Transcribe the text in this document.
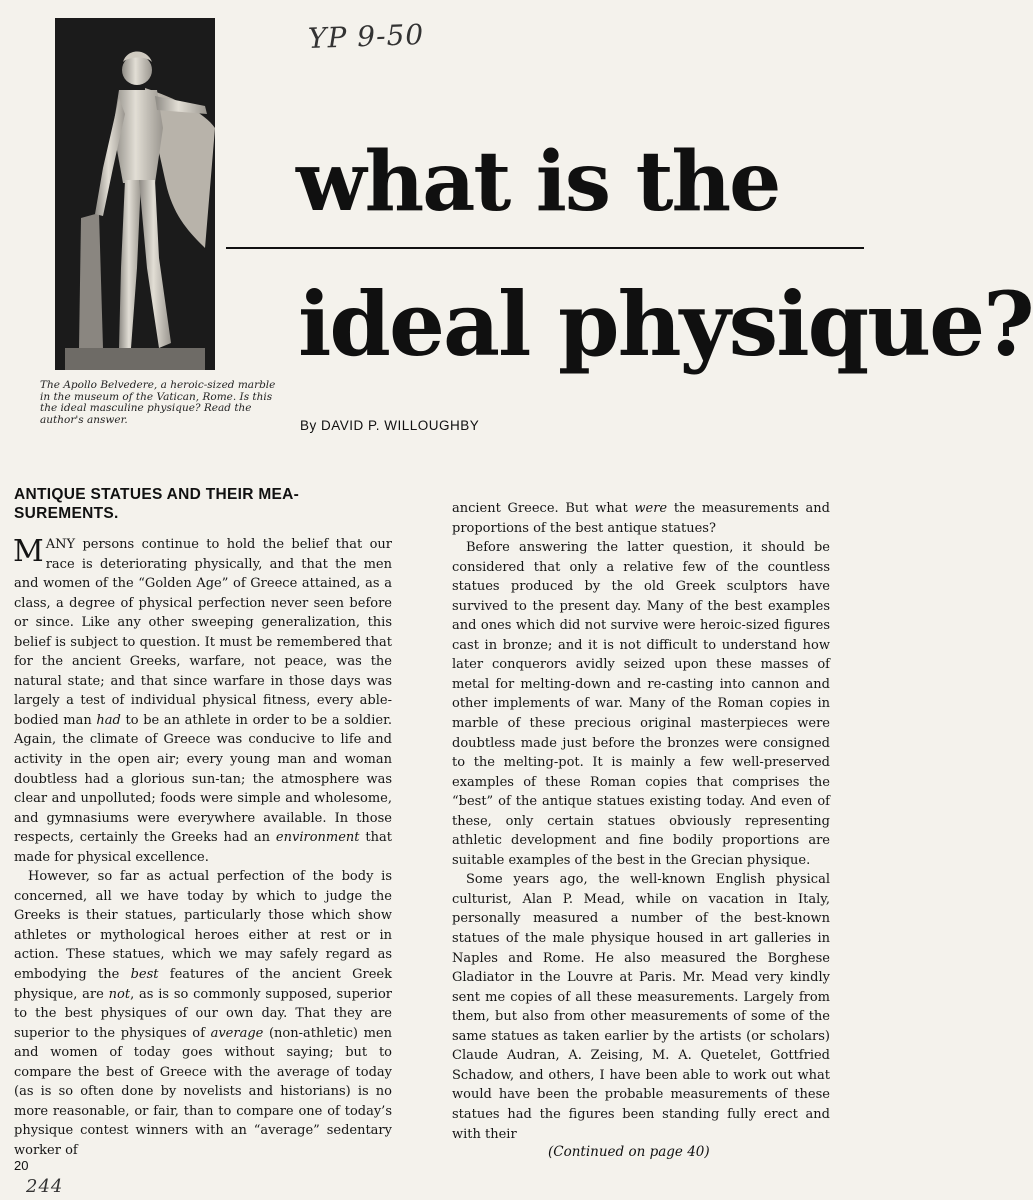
YP 9-50
The Apollo Belvedere, a heroic-sized marble in the museum of the Vatican, Rome. Is this the ideal masculine physique? Read the author's answer.
what is the
ideal physique?
By DAVID P. WILLOUGHBY
ANTIQUE STATUES AND THEIR MEA-SUREMENTS.

MANY persons continue to hold the belief that our race is deteriorating physically, and that the men and women of the “Golden Age” of Greece attained, as a class, a degree of physical perfection never seen before or since. Like any other sweeping generalization, this belief is subject to question. It must be remembered that for the ancient Greeks, warfare, not peace, was the natural state; and that since warfare in those days was largely a test of individual physical fitness, every able-bodied man had to be an athlete in order to be a soldier. Again, the climate of Greece was conducive to life and activity in the open air; every young man and woman doubtless had a glorious sun-tan; the atmosphere was clear and unpolluted; foods were simple and wholesome, and gymnasiums were everywhere available. In those respects, certainly the Greeks had an environment that made for physical excellence.

However, so far as actual perfection of the body is concerned, all we have today by which to judge the Greeks is their statues, particularly those which show athletes or mythological heroes either at rest or in action. These statues, which we may safely regard as embodying the best features of the ancient Greek physique, are not, as is so commonly supposed, superior to the best physiques of our own day. That they are superior to the physiques of average (non-athletic) men and women of today goes without saying; but to compare the best of Greece with the average of today (as is so often done by novelists and historians) is no more reasonable, or fair, than to compare one of today’s physique contest winners with an “average” sedentary worker of

ancient Greece. But what were the measurements and proportions of the best antique statues?

Before answering the latter question, it should be considered that only a relative few of the countless statues produced by the old Greek sculptors have survived to the present day. Many of the best examples and ones which did not survive were heroic-sized figures cast in bronze; and it is not difficult to understand how later conquerors avidly seized upon these masses of metal for melting-down and re-casting into cannon and other implements of war. Many of the Roman copies in marble of these precious original masterpieces were doubtless made just before the bronzes were consigned to the melting-pot. It is mainly a few well-preserved examples of these Roman copies that comprises the “best” of the antique statues existing today. And even of these, only certain statues obviously representing athletic development and fine bodily proportions are suitable examples of the best in the Grecian physique.

Some years ago, the well-known English physical culturist, Alan P. Mead, while on vacation in Italy, personally measured a number of the best-known statues of the male physique housed in art galleries in Naples and Rome. He also measured the Borghese Gladiator in the Louvre at Paris. Mr. Mead very kindly sent me copies of all these measurements. Largely from them, but also from other measurements of some of the same statues as taken earlier by the artists (or scholars) Claude Audran, A. Zeising, M. A. Quetelet, Gottfried Schadow, and others, I have been able to work out what would have been the probable measurements of these statues had the figures been standing fully erect and with their

(Continued on page 40)
20
244
